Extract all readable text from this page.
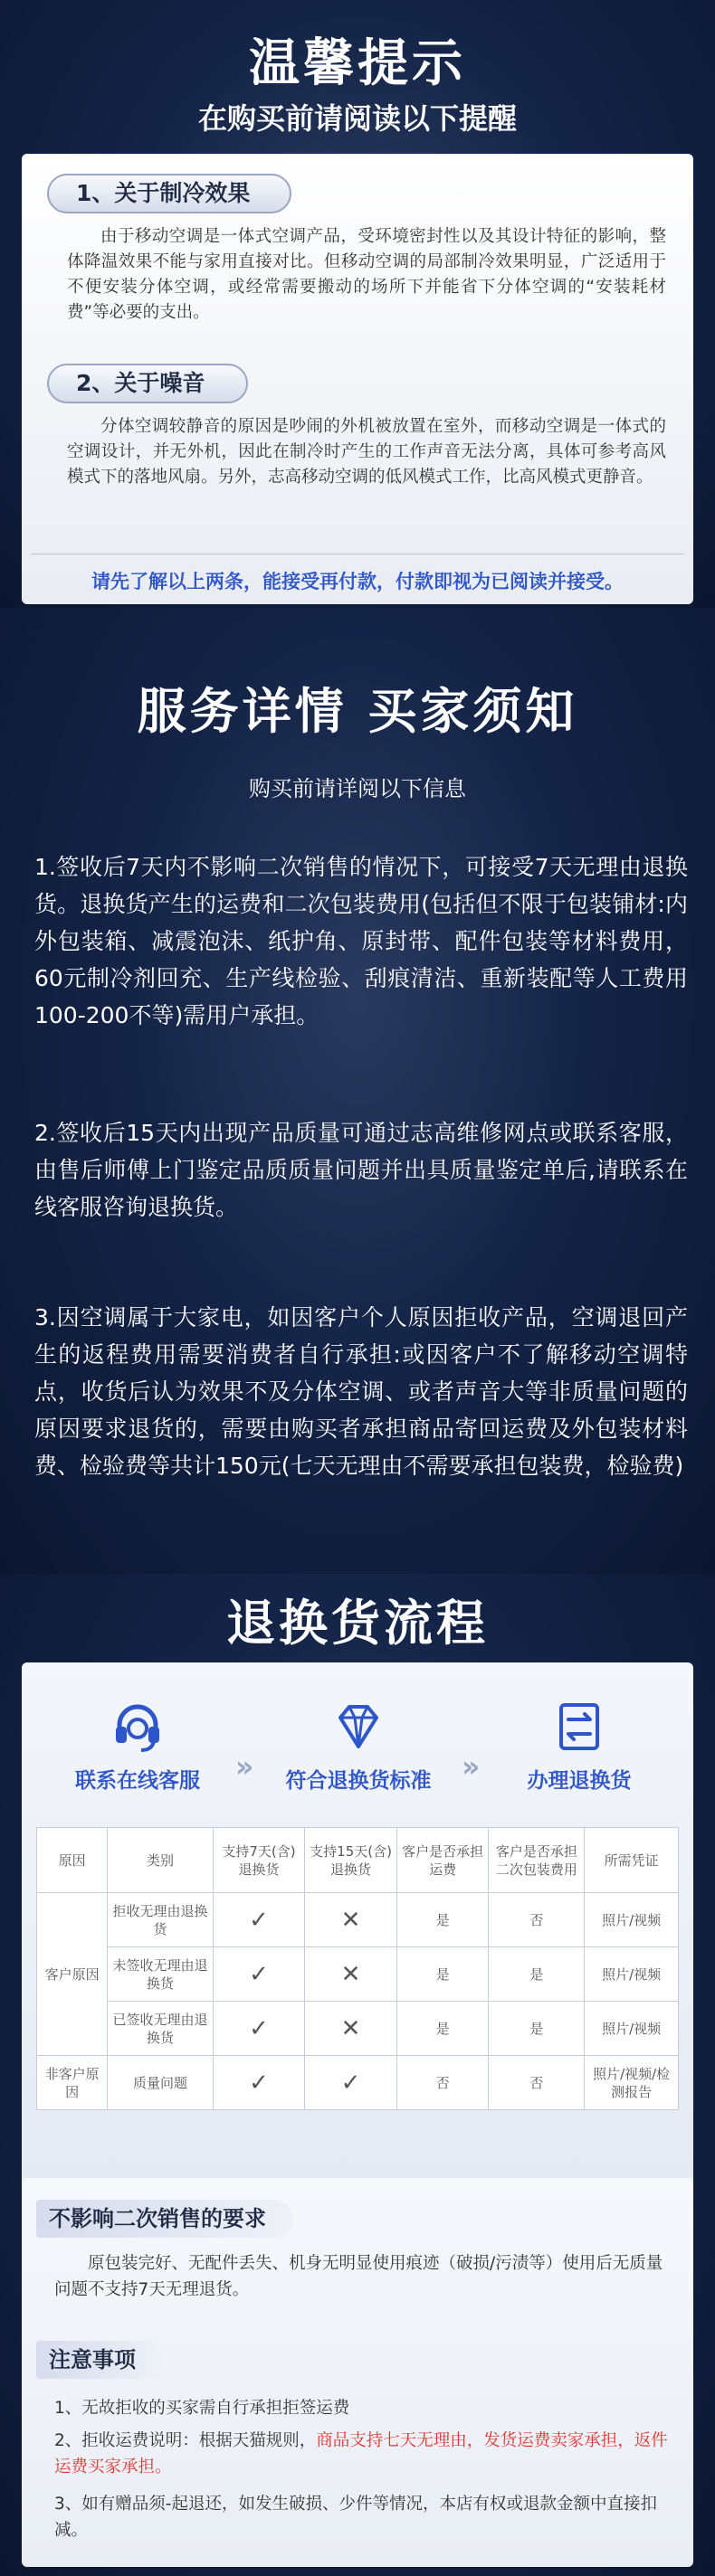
温馨提示
在购买前请阅读以下提醒
1、关于制冷效果
由于移动空调是一体式空调产品，受环境密封性以及其设计特征的影响，整体降温效果不能与家用直接对比。但移动空调的局部制冷效果明显，广泛适用于不便安装分体空调，或经常需要搬动的场所下并能省下分体空调的“安装耗材费”等必要的支出。
2、关于噪音
分体空调较静音的原因是吵闹的外机被放置在室外，而移动空调是一体式的空调设计，并无外机，因此在制冷时产生的工作声音无法分离，具体可参考高风模式下的落地风扇。另外，志高移动空调的低风模式工作，比高风模式更静音。
请先了解以上两条，能接受再付款，付款即视为已阅读并接受。
服务详情 买家须知
购买前请详阅以下信息
1.签收后7天内不影响二次销售的情况下，可接受7天无理由退换货。退换货产生的运费和二次包装费用(包括但不限于包装铺材:内外包装箱、减震泡沫、纸护角、原封带、配件包装等材料费用，60元制冷剂回充、生产线检验、刮痕清洁、重新装配等人工费用100-200不等)需用户承担。
2.签收后15天内出现产品质量可通过志高维修网点或联系客服，由售后师傅上门鉴定品质质量问题并出具质量鉴定单后,请联系在线客服咨询退换货。
3.因空调属于大家电，如因客户个人原因拒收产品，空调退回产生的返程费用需要消费者自行承担:或因客户不了解移动空调特点，收货后认为效果不及分体空调、或者声音大等非质量问题的原因要求退货的，需要由购买者承担商品寄回运费及外包装材料费、检验费等共计150元(七天无理由不需要承担包装费，检验费)
退换货流程
联系在线客服	››	符合退换货标准	››	办理退换货
原因	类别	支持7天(含)退换货	支持15天(含)退换货	客户是否承担运费	客户是否承担二次包装费用	所需凭证
客户原因	拒收无理由退换货	✓	✕	是	否	照片/视频
	未签收无理由退换货	✓	✕	是	是	照片/视频
	已签收无理由退换货	✓	✕	是	是	照片/视频
非客户原因	质量问题	✓	✓	否	否	照片/视频/检测报告
不影响二次销售的要求
原包装完好、无配件丢失、机身无明显使用痕迹（破损/污渍等）使用后无质量问题不支持7天无理退货。
注意事项
1、无故拒收的买家需自行承担拒签运费
2、拒收运费说明：根据天猫规则，商品支持七天无理由，发货运费卖家承担，返件运费买家承担。
3、如有赠品须-起退还，如发生破损、少件等情况，本店有权或退款金额中直接扣减。
